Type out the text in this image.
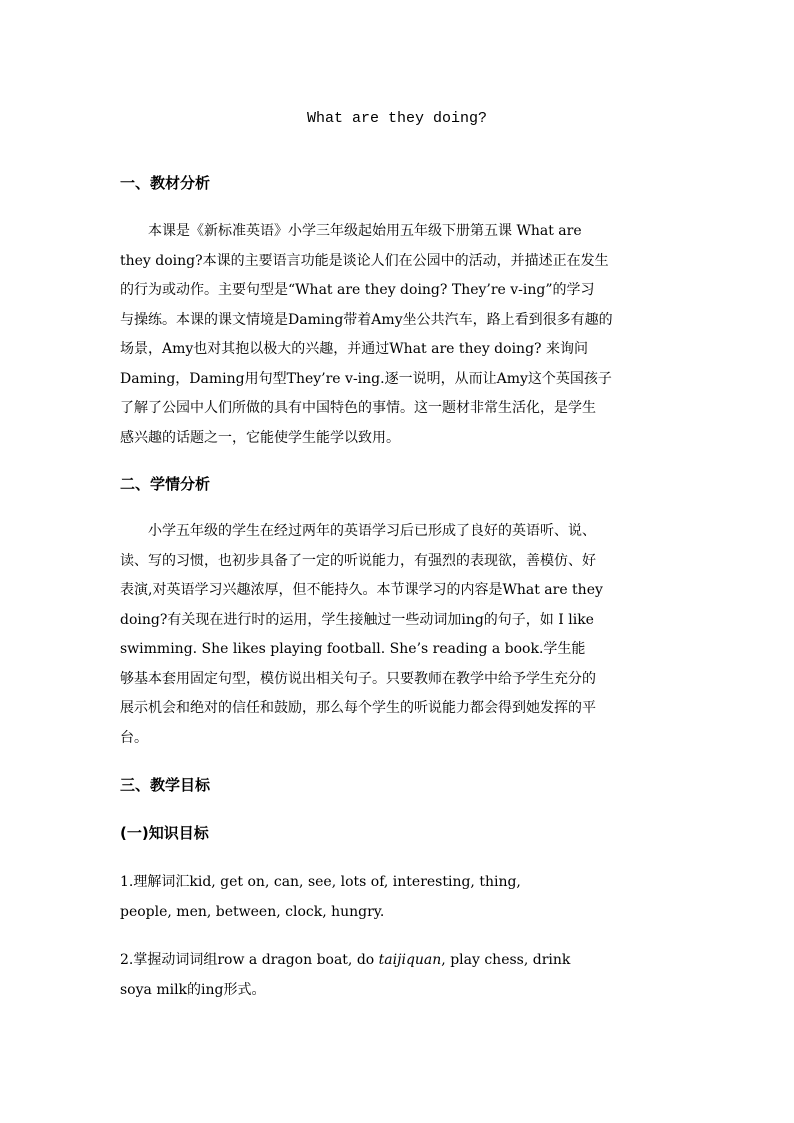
What are they doing?
一、教材分析
本课是《新标准英语》小学三年级起始用五年级下册第五课 What are
they doing?本课的主要语言功能是谈论人们在公园中的活动，并描述正在发生
的行为或动作。主要句型是“What are they doing? They’re v-ing”的学习
与操练。本课的课文情境是Daming带着Amy坐公共汽车，路上看到很多有趣的
场景，Amy也对其抱以极大的兴趣，并通过What are they doing? 来询问
Daming，Daming用句型They’re v-ing.逐一说明，从而让Amy这个英国孩子
了解了公园中人们所做的具有中国特色的事情。这一题材非常生活化，是学生
感兴趣的话题之一，它能使学生能学以致用。
二、学情分析
小学五年级的学生在经过两年的英语学习后已形成了良好的英语听、说、
读、写的习惯，也初步具备了一定的听说能力，有强烈的表现欲，善模仿、好
表演,对英语学习兴趣浓厚，但不能持久。本节课学习的内容是What are they
doing?有关现在进行时的运用，学生接触过一些动词加ing的句子，如 I like
swimming. She likes playing football. She’s reading a book.学生能
够基本套用固定句型，模仿说出相关句子。只要教师在教学中给予学生充分的
展示机会和绝对的信任和鼓励，那么每个学生的听说能力都会得到她发挥的平
台。
三、教学目标
(一)知识目标
1.理解词汇kid, get on, can, see, lots of, interesting, thing,
people, men, between, clock, hungry.
2.掌握动词词组row a dragon boat, do taijiquan, play chess, drink
soya milk的ing形式。
